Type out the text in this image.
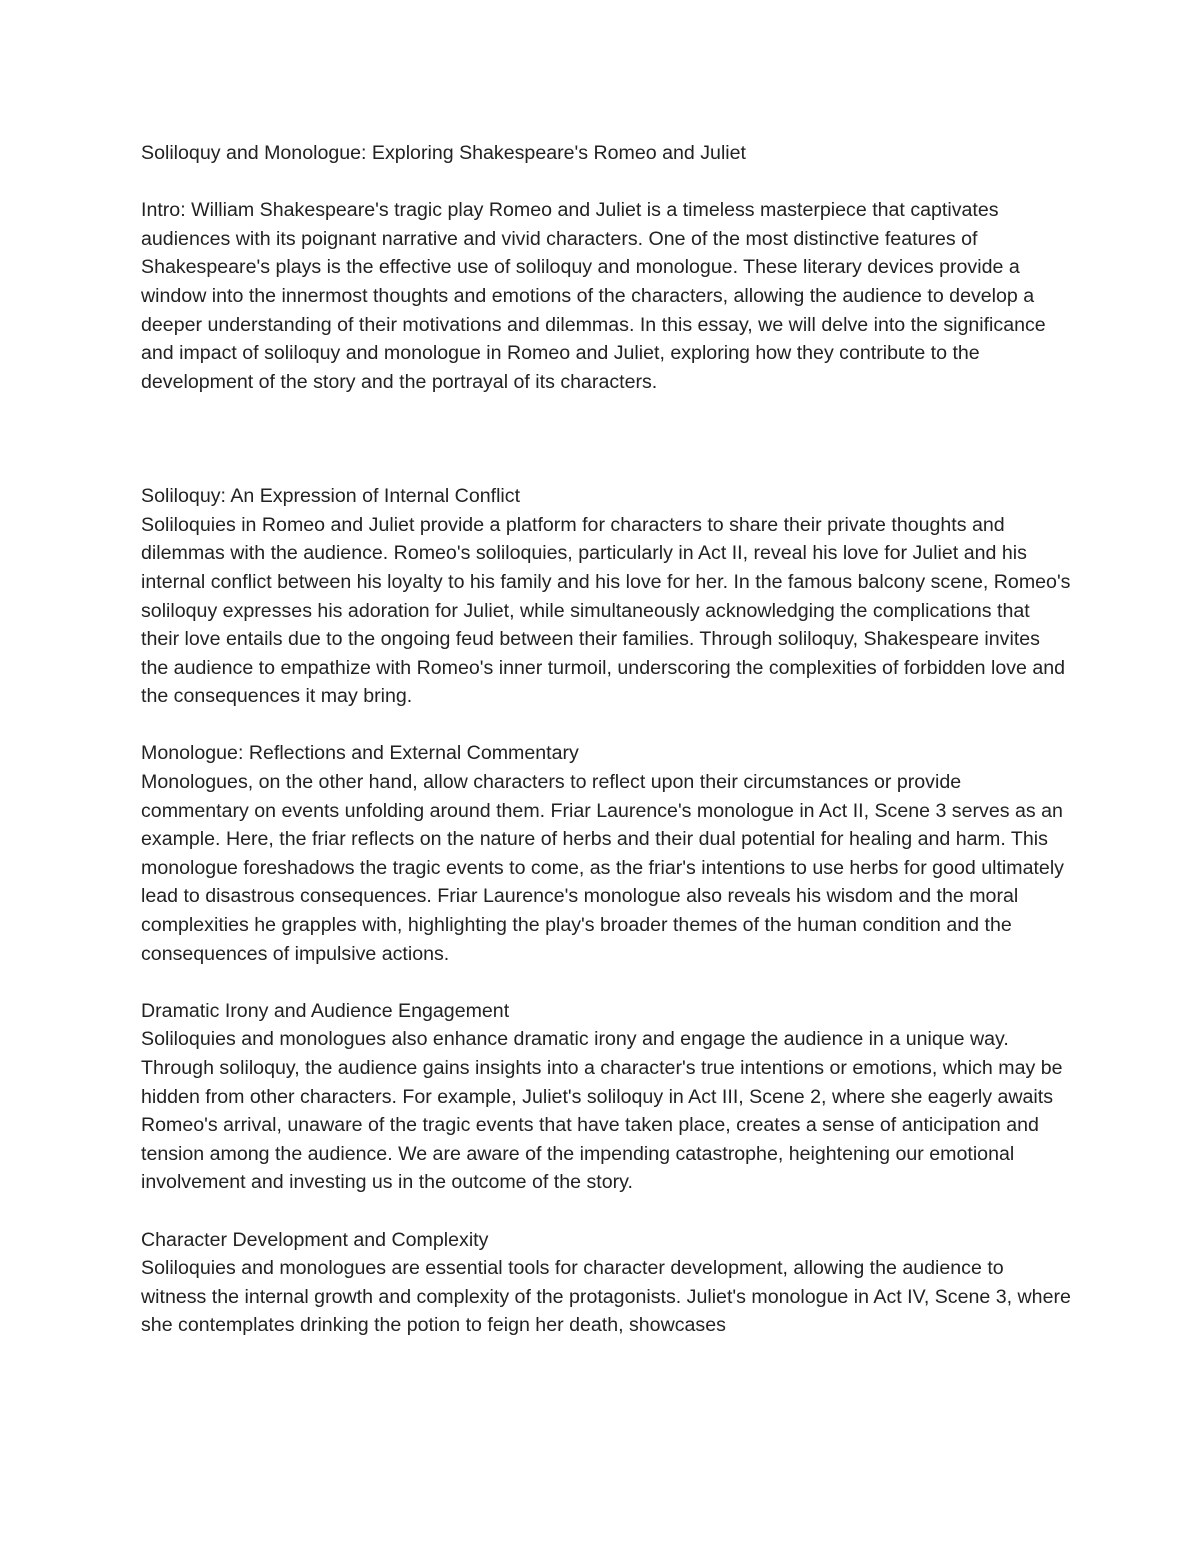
Soliloquy and Monologue: Exploring Shakespeare's Romeo and Juliet

Intro: William Shakespeare's tragic play Romeo and Juliet is a timeless masterpiece that captivates audiences with its poignant narrative and vivid characters. One of the most distinctive features of Shakespeare's plays is the effective use of soliloquy and monologue. These literary devices provide a window into the innermost thoughts and emotions of the characters, allowing the audience to develop a deeper understanding of their motivations and dilemmas. In this essay, we will delve into the significance and impact of soliloquy and monologue in Romeo and Juliet, exploring how they contribute to the development of the story and the portrayal of its characters.

Soliloquy: An Expression of Internal Conflict

Soliloquies in Romeo and Juliet provide a platform for characters to share their private thoughts and dilemmas with the audience. Romeo's soliloquies, particularly in Act II, reveal his love for Juliet and his internal conflict between his loyalty to his family and his love for her. In the famous balcony scene, Romeo's soliloquy expresses his adoration for Juliet, while simultaneously acknowledging the complications that their love entails due to the ongoing feud between their families. Through soliloquy, Shakespeare invites the audience to empathize with Romeo's inner turmoil, underscoring the complexities of forbidden love and the consequences it may bring.

Monologue: Reflections and External Commentary

Monologues, on the other hand, allow characters to reflect upon their circumstances or provide commentary on events unfolding around them. Friar Laurence's monologue in Act II, Scene 3 serves as an example. Here, the friar reflects on the nature of herbs and their dual potential for healing and harm. This monologue foreshadows the tragic events to come, as the friar's intentions to use herbs for good ultimately lead to disastrous consequences. Friar Laurence's monologue also reveals his wisdom and the moral complexities he grapples with, highlighting the play's broader themes of the human condition and the consequences of impulsive actions.

Dramatic Irony and Audience Engagement

Soliloquies and monologues also enhance dramatic irony and engage the audience in a unique way. Through soliloquy, the audience gains insights into a character's true intentions or emotions, which may be hidden from other characters. For example, Juliet's soliloquy in Act III, Scene 2, where she eagerly awaits Romeo's arrival, unaware of the tragic events that have taken place, creates a sense of anticipation and tension among the audience. We are aware of the impending catastrophe, heightening our emotional involvement and investing us in the outcome of the story.

Character Development and Complexity

Soliloquies and monologues are essential tools for character development, allowing the audience to witness the internal growth and complexity of the protagonists. Juliet's monologue in Act IV, Scene 3, where she contemplates drinking the potion to feign her death, showcases
